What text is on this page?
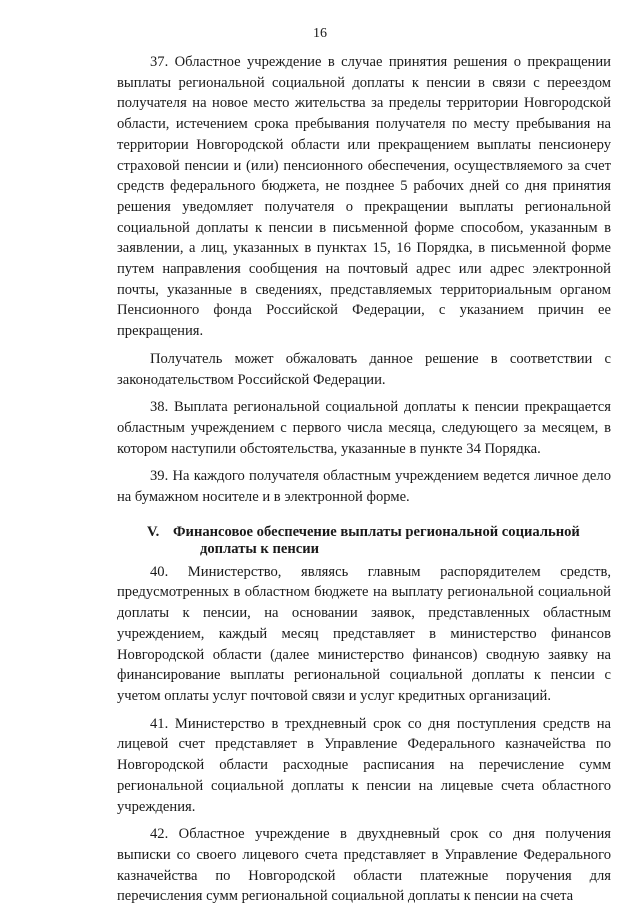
16

37. Областное учреждение в случае принятия решения о прекращении выплаты региональной социальной доплаты к пенсии в связи с переездом получателя на новое место жительства за пределы территории Новгородской области, истечением срока пребывания получателя по месту пребывания на территории Новгородской области или прекращением выплаты пенсионеру страховой пенсии и (или) пенсионного обеспечения, осуществляемого за счет средств федерального бюджета, не позднее 5 рабочих дней со дня принятия решения уведомляет получателя о прекращении выплаты региональной социальной доплаты к пенсии в письменной форме способом, указанным в заявлении, а лиц, указанных в пунктах 15, 16 Порядка, в письменной форме путем направления сообщения на почтовый адрес или адрес электронной почты, указанные в сведениях, представляемых территориальным органом Пенсионного фонда Российской Федерации, с указанием причин ее прекращения.

Получатель может обжаловать данное решение в соответствии с законодательством Российской Федерации.

38. Выплата региональной социальной доплаты к пенсии прекращается областным учреждением с первого числа месяца, следующего за месяцем, в котором наступили обстоятельства, указанные в пункте 34 Порядка.

39. На каждого получателя областным учреждением ведется личное дело на бумажном носителе и в электронной форме.

V. Финансовое обеспечение выплаты региональной социальной
доплаты к пенсии

40. Министерство, являясь главным распорядителем средств, предусмотренных в областном бюджете на выплату региональной социальной доплаты к пенсии, на основании заявок, представленных областным учреждением, каждый месяц представляет в министерство финансов Новгородской области (далее министерство финансов) сводную заявку на финансирование выплаты региональной социальной доплаты к пенсии с учетом оплаты услуг почтовой связи и услуг кредитных организаций.

41. Министерство в трехдневный срок со дня поступления средств на лицевой счет представляет в Управление Федерального казначейства по Новгородской области расходные расписания на перечисление сумм региональной социальной доплаты к пенсии на лицевые счета областного учреждения.

42. Областное учреждение в двухдневный срок со дня получения выписки со своего лицевого счета представляет в Управление Федерального казначейства по Новгородской области платежные поручения для перечисления сумм региональной социальной доплаты к пенсии на счета
